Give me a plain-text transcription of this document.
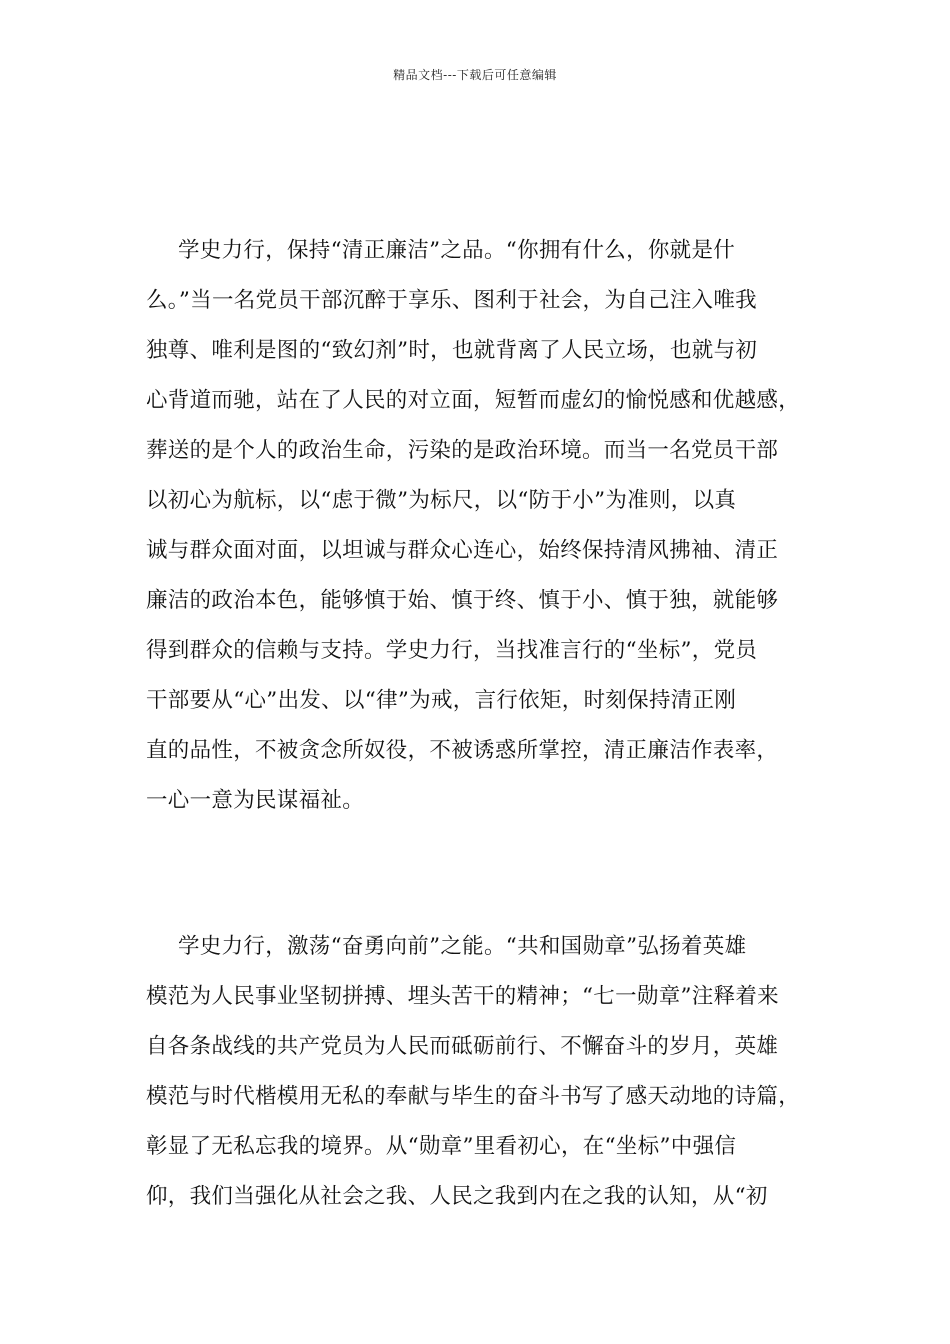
精品文档---下载后可任意编辑
学史力行，保持“清正廉洁”之品。“你拥有什么，你就是什
么。”当一名党员干部沉醉于享乐、图利于社会，为自己注入唯我
独尊、唯利是图的“致幻剂”时，也就背离了人民立场，也就与初
心背道而驰，站在了人民的对立面，短暂而虚幻的愉悦感和优越感，
葬送的是个人的政治生命，污染的是政治环境。而当一名党员干部
以初心为航标，以“虑于微”为标尺，以“防于小”为准则，以真
诚与群众面对面，以坦诚与群众心连心，始终保持清风拂袖、清正
廉洁的政治本色，能够慎于始、慎于终、慎于小、慎于独，就能够
得到群众的信赖与支持。学史力行，当找准言行的“坐标”，党员
干部要从“心”出发、以“律”为戒，言行依矩，时刻保持清正刚
直的品性，不被贪念所奴役，不被诱惑所掌控，清正廉洁作表率，
一心一意为民谋福祉。
学史力行，激荡“奋勇向前”之能。“共和国勋章”弘扬着英雄
模范为人民事业坚韧拼搏、埋头苦干的精神；“七一勋章”注释着来
自各条战线的共产党员为人民而砥砺前行、不懈奋斗的岁月，英雄
模范与时代楷模用无私的奉献与毕生的奋斗书写了感天动地的诗篇，
彰显了无私忘我的境界。从“勋章”里看初心，在“坐标”中强信
仰，我们当强化从社会之我、人民之我到内在之我的认知，从“初
